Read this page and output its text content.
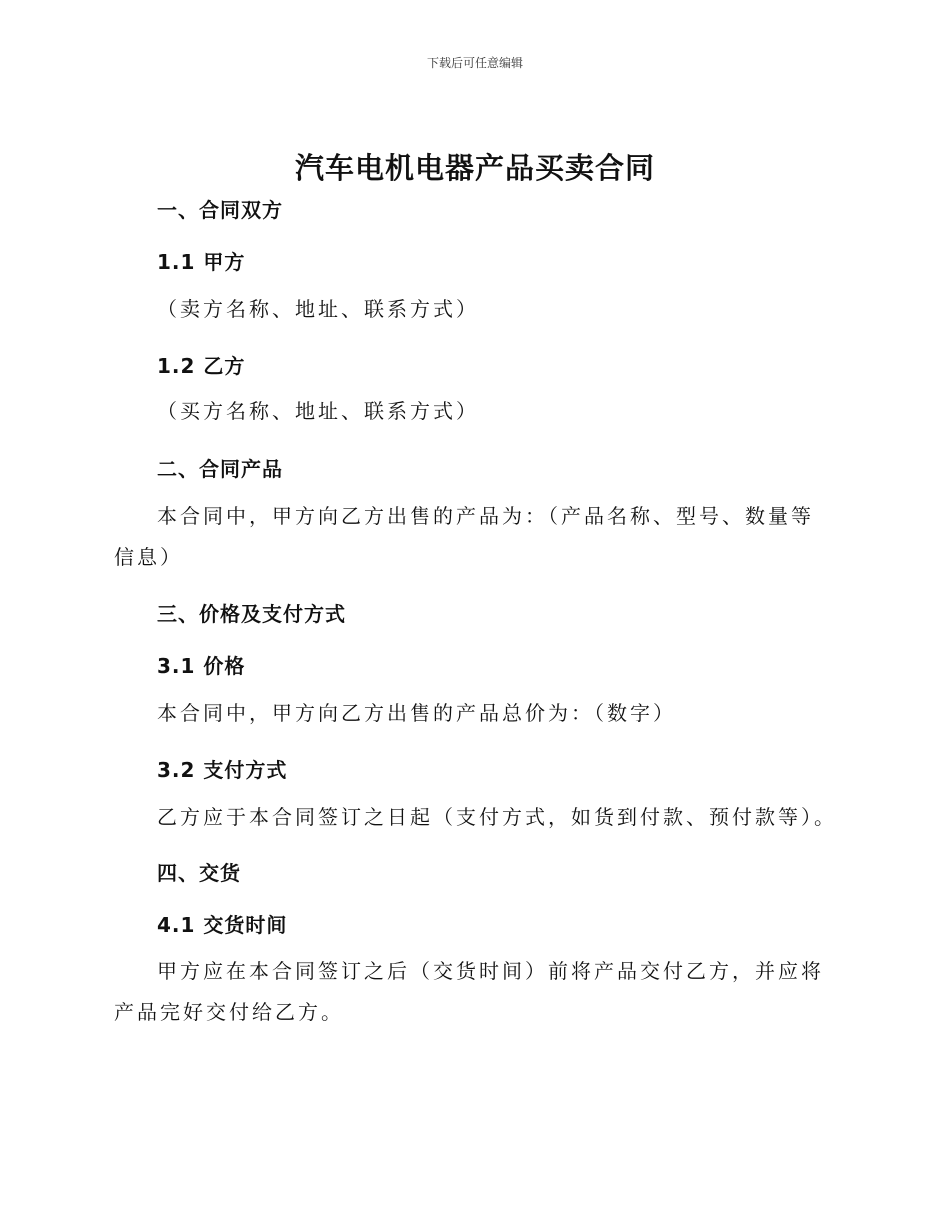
下载后可任意编辑
汽车电机电器产品买卖合同

一、合同双方

1.1 甲方

（卖方名称、地址、联系方式）

1.2 乙方

（买方名称、地址、联系方式）

二、合同产品

本合同中，甲方向乙方出售的产品为：（产品名称、型号、数量等信息）

三、价格及支付方式

3.1 价格

本合同中，甲方向乙方出售的产品总价为：（数字）

3.2 支付方式

乙方应于本合同签订之日起（支付方式，如货到付款、预付款等）。

四、交货

4.1 交货时间

甲方应在本合同签订之后（交货时间）前将产品交付乙方，并应将产品完好交付给乙方。
